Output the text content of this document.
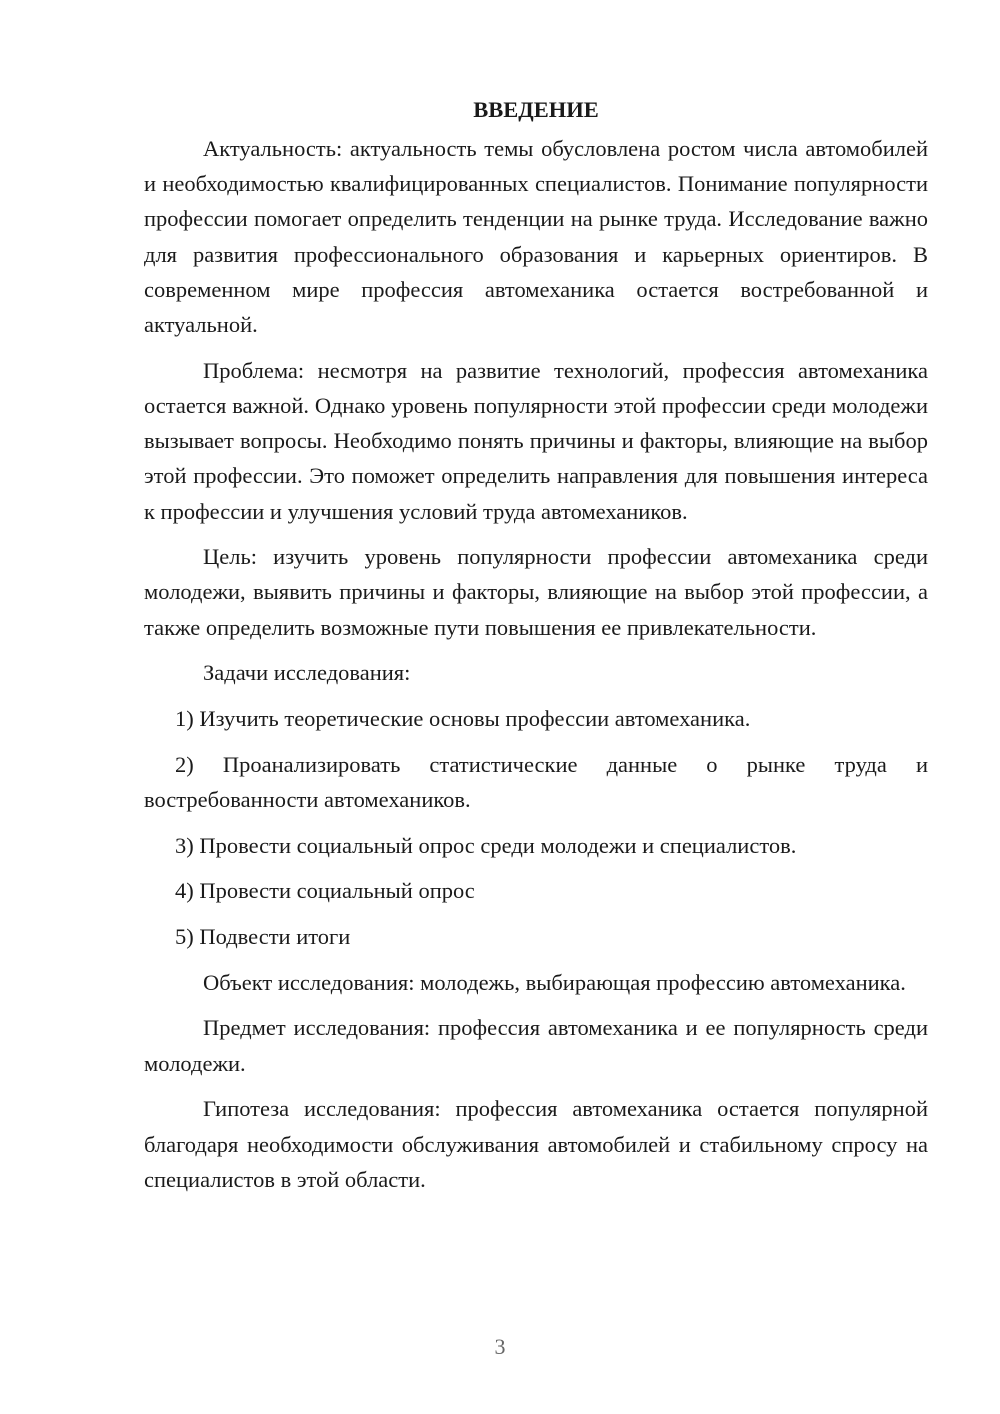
ВВЕДЕНИЕ

Актуальность: актуальность темы обусловлена ростом числа автомобилей и необходимостью квалифицированных специалистов. Понимание популярности профессии помогает определить тенденции на рынке труда. Исследование важно для развития профессионального образования и карьерных ориентиров. В современном мире профессия автомеханика остается востребованной и актуальной.

Проблема: несмотря на развитие технологий, профессия автомеханика остается важной. Однако уровень популярности этой профессии среди молодежи вызывает вопросы. Необходимо понять причины и факторы, влияющие на выбор этой профессии. Это поможет определить направления для повышения интереса к профессии и улучшения условий труда автомехаников.

Цель: изучить уровень популярности профессии автомеханика среди молодежи, выявить причины и факторы, влияющие на выбор этой профессии, а также определить возможные пути повышения ее привлекательности.

Задачи исследования:

1) Изучить теоретические основы профессии автомеханика.

2) Проанализировать статистические данные о рынке труда и востребованности автомехаников.

3) Провести социальный опрос среди молодежи и специалистов.

4) Провести социальный опрос

5) Подвести итоги

Объект исследования: молодежь, выбирающая профессию автомеханика.

Предмет исследования: профессия автомеханика и ее популярность среди молодежи.

Гипотеза исследования: профессия автомеханика остается популярной благодаря необходимости обслуживания автомобилей и стабильному спросу на специалистов в этой области.

3
